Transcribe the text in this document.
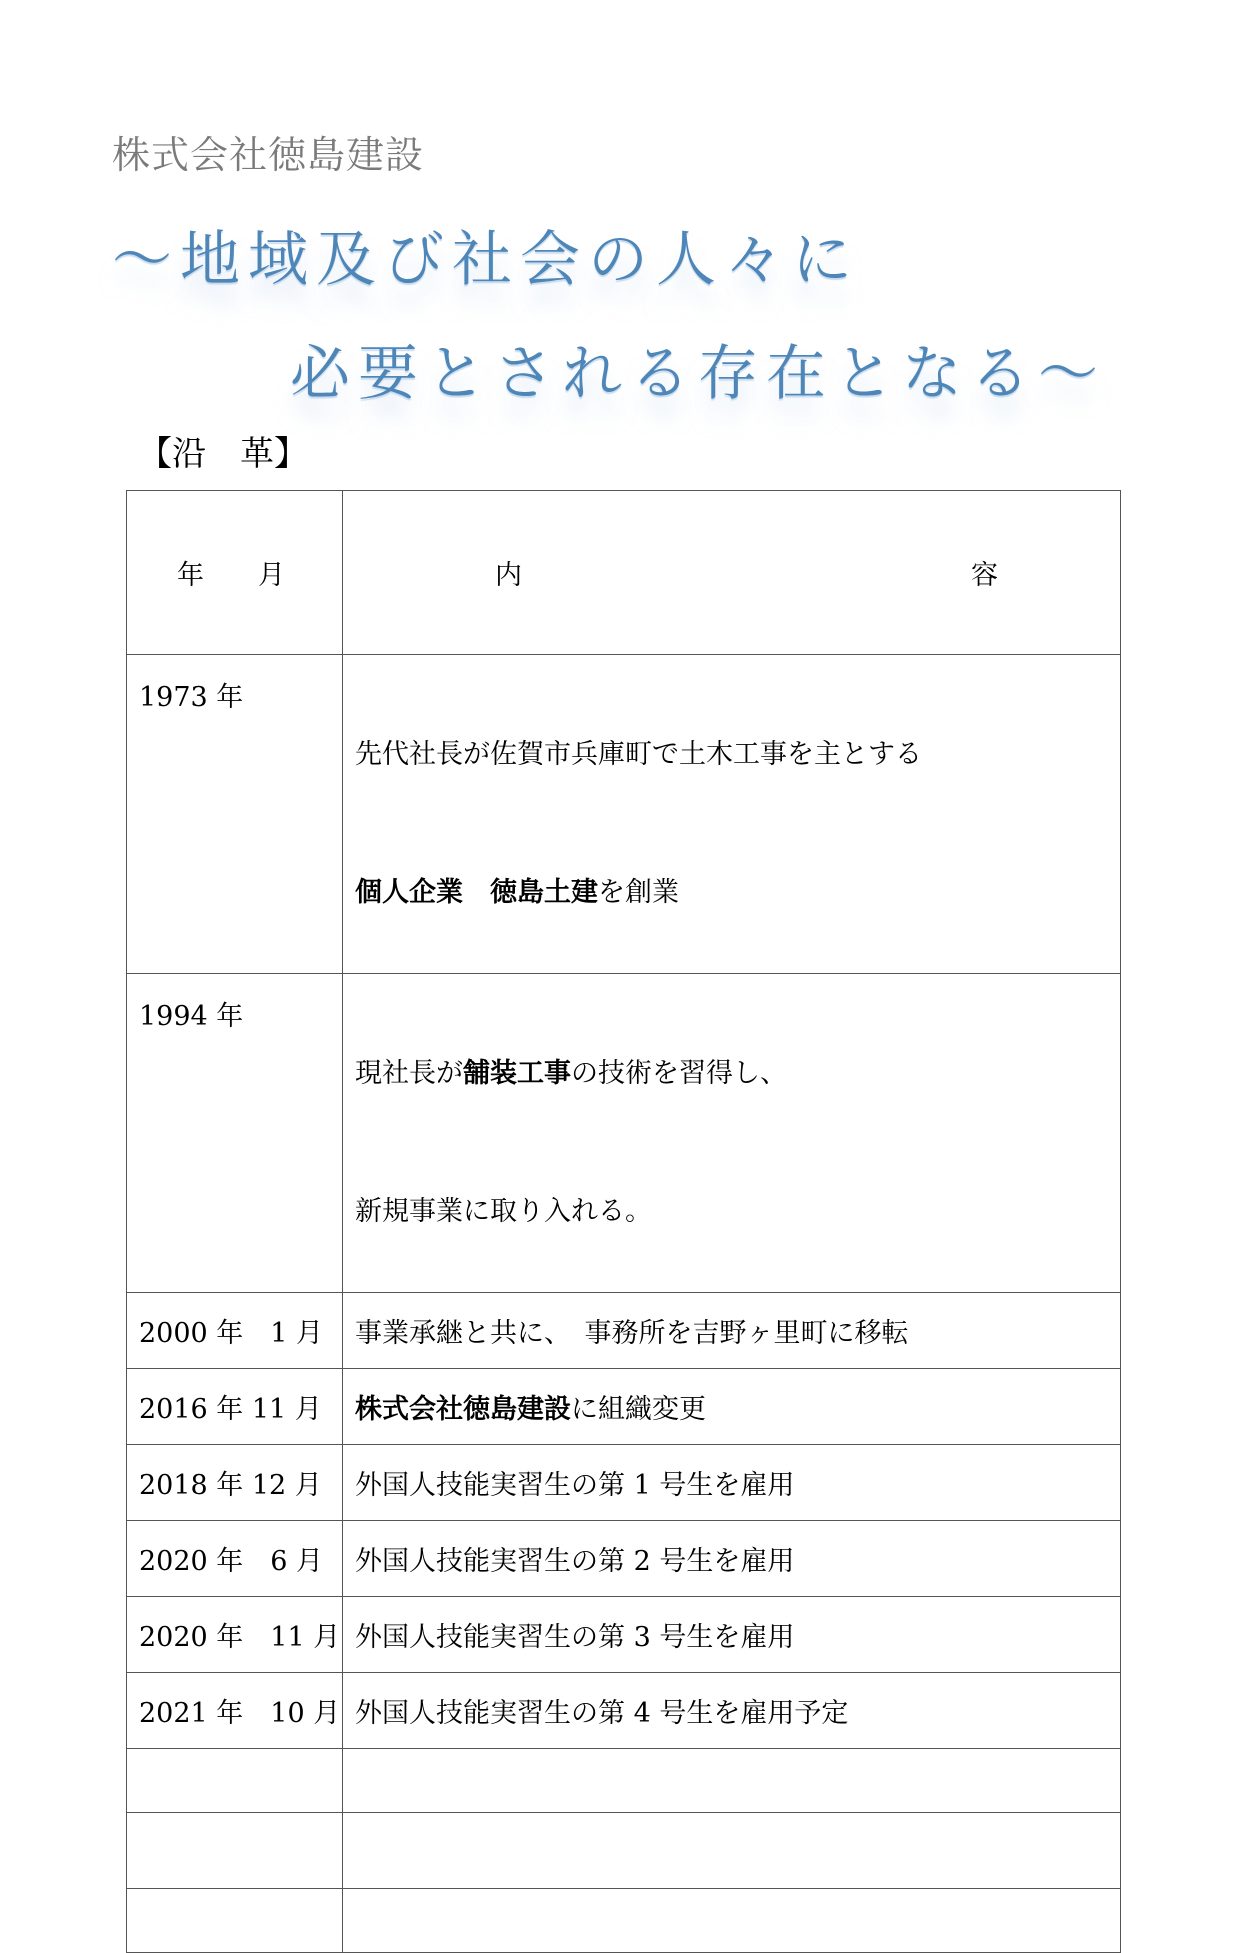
株式会社徳島建設
～地域及び社会の人々に
必要とされる存在となる～
【沿　革】
年　　月	内 容

1973 年	先代社長が佐賀市兵庫町で土木工事を主とする

個人企業　徳島土建を創業

1994 年	現社長が舗装工事の技術を習得し、

新規事業に取り入れる。

2000 年　1 月	事業承継と共に、　事務所を吉野ヶ里町に移転
2016 年 11 月	株式会社徳島建設に組織変更
2018 年 12 月	外国人技能実習生の第 1 号生を雇用
2020 年　6 月	外国人技能実習生の第 2 号生を雇用
2020 年　11 月	外国人技能実習生の第 3 号生を雇用
2021 年　10 月	外国人技能実習生の第 4 号生を雇用予定
